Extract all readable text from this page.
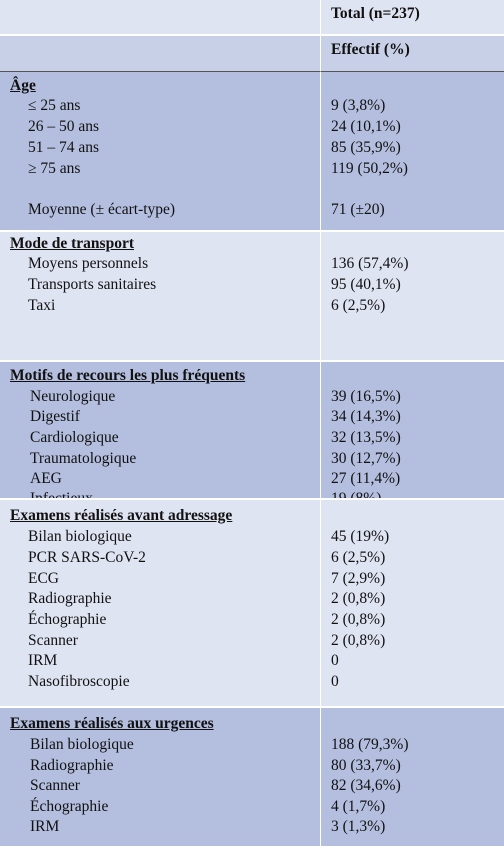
Total (n=237)
Effectif (%)
Âge
≤ 25 ans
26 – 50 ans
51 – 74 ans
≥ 75 ans
Moyenne (± écart-type)
9 (3,8%)
24 (10,1%)
85 (35,9%)
119 (50,2%)
71 (±20)
Mode de transport
Moyens personnels
Transports sanitaires
Taxi
136 (57,4%)
95 (40,1%)
6 (2,5%)
Motifs de recours les plus fréquents
Neurologique
Digestif
Cardiologique
Traumatologique
AEG
39 (16,5%)
34 (14,3%)
32 (13,5%)
30 (12,7%)
27 (11,4%)
Examens réalisés avant adressage
Bilan biologique
PCR SARS-CoV-2
ECG
Radiographie
Échographie
Scanner
IRM
Nasofibroscopie
45 (19%)
6 (2,5%)
7 (2,9%)
2 (0,8%)
2 (0,8%)
2 (0,8%)
0
0
Examens réalisés aux urgences
Bilan biologique
Radiographie
Scanner
Échographie
IRM
188 (79,3%)
80 (33,7%)
82 (34,6%)
4 (1,7%)
3 (1,3%)
